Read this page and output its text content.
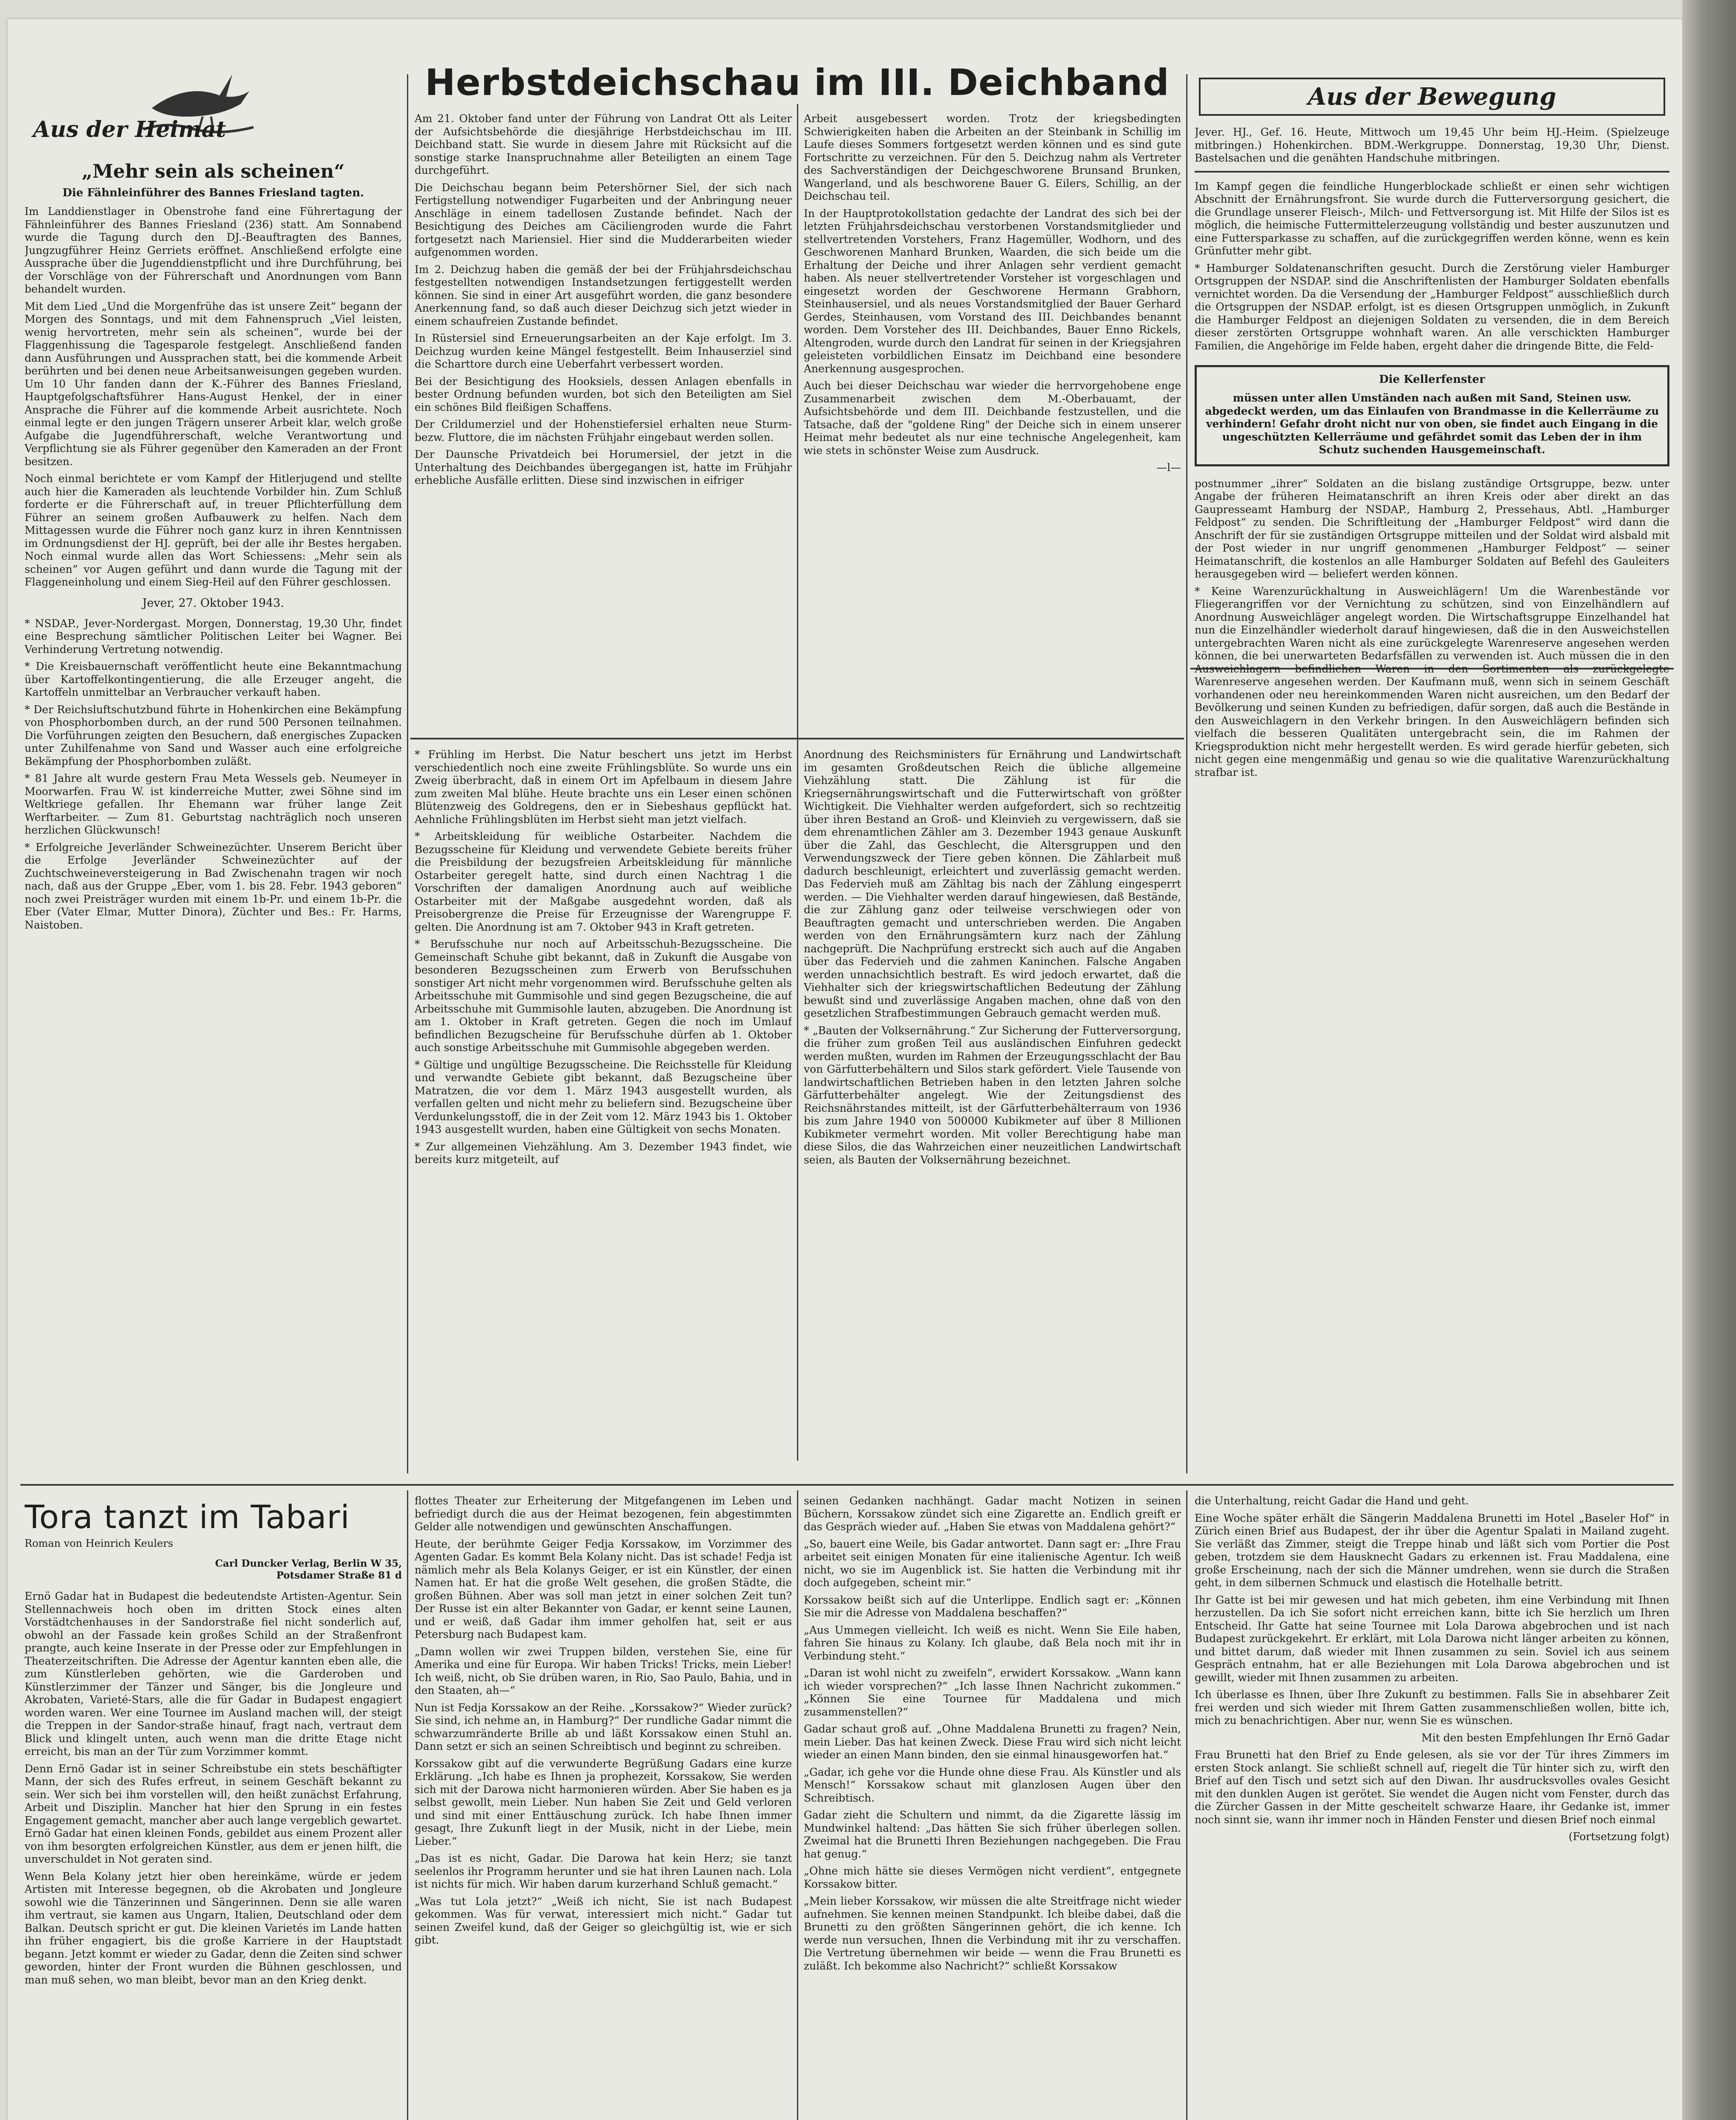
Aus der Heimat
„Mehr sein als scheinen“
Die Fähnleinführer des Bannes Friesland tagten.

Im Landdienstlager in Obenstrohe fand eine Führertagung der Fähnleinführer des Bannes Friesland (236) statt. Am Sonnabend wurde die Tagung durch den DJ.-Beauftragten des Bannes, Jungzugführer Heinz Gerriets eröffnet. Anschließend erfolgte eine Aussprache über die Jugenddienstpflicht und ihre Durchführung, bei der Vorschläge von der Führerschaft und Anordnungen vom Bann behandelt wurden.

Mit dem Lied „Und die Morgenfrühe das ist unsere Zeit“ begann der Morgen des Sonntags, und mit dem Fahnenspruch „Viel leisten, wenig hervortreten, mehr sein als scheinen“, wurde bei der Flaggenhissung die Tagesparole festgelegt. Anschließend fanden dann Ausführungen und Aussprachen statt, bei die kommende Arbeit berührten und bei denen neue Arbeitsanweisungen gegeben wurden. Um 10 Uhr fanden dann der K.-Führer des Bannes Friesland, Hauptgefolgschaftsführer Hans-August Henkel, der in einer Ansprache die Führer auf die kommende Arbeit ausrichtete. Noch einmal legte er den jungen Trägern unserer Arbeit klar, welch große Aufgabe die Jugendführerschaft, welche Verantwortung und Verpflichtung sie als Führer gegenüber den Kameraden an der Front besitzen.

Noch einmal berichtete er vom Kampf der Hitlerjugend und stellte auch hier die Kameraden als leuchtende Vorbilder hin. Zum Schluß forderte er die Führerschaft auf, in treuer Pflichterfüllung dem Führer an seinem großen Aufbauwerk zu helfen. Nach dem Mittagessen wurde die Führer noch ganz kurz in ihren Kenntnissen im Ordnungsdienst der HJ. geprüft, bei der alle ihr Bestes hergaben. Noch einmal wurde allen das Wort Schiessens: „Mehr sein als scheinen“ vor Augen geführt und dann wurde die Tagung mit der Flaggeneinholung und einem Sieg-Heil auf den Führer geschlossen.

Jever, 27. Oktober 1943.

* NSDAP., Jever-Nordergast. Morgen, Donnerstag, 19,30 Uhr, findet eine Besprechung sämtlicher Politischen Leiter bei Wagner. Bei Verhinderung Vertretung notwendig.

* Die Kreisbauernschaft veröffentlicht heute eine Bekanntmachung über Kartoffelkontingentierung, die alle Erzeuger angeht, die Kartoffeln unmittelbar an Verbraucher verkauft haben.

* Der Reichsluftschutzbund führte in Hohenkirchen eine Bekämpfung von Phosphorbomben durch, an der rund 500 Personen teilnahmen. Die Vorführungen zeigten den Besuchern, daß energisches Zupacken unter Zuhilfenahme von Sand und Wasser auch eine erfolgreiche Bekämpfung der Phosphorbomben zuläßt.

* 81 Jahre alt wurde gestern Frau Meta Wessels geb. Neumeyer in Moorwarfen. Frau W. ist kinderreiche Mutter, zwei Söhne sind im Weltkriege gefallen. Ihr Ehemann war früher lange Zeit Werftarbeiter. — Zum 81. Geburtstag nachträglich noch unseren herzlichen Glückwunsch!

* Erfolgreiche Jeverländer Schweinezüchter. Unserem Bericht über die Erfolge Jeverländer Schweinezüchter auf der Zuchtschweineversteigerung in Bad Zwischenahn tragen wir noch nach, daß aus der Gruppe „Eber, vom 1. bis 28. Febr. 1943 geboren“ noch zwei Preisträger wurden mit einem 1b-Pr. und einem 1b-Pr. die Eber (Vater Elmar, Mutter Dinora), Züchter und Bes.: Fr. Harms, Naistoben.

Herbstdeichschau im III. Deichband

Am 21. Oktober fand unter der Führung von Landrat Ott als Leiter der Aufsichtsbehörde die diesjährige Herbstdeichschau im III. Deichband statt. Sie wurde in diesem Jahre mit Rücksicht auf die sonstige starke Inanspruchnahme aller Beteiligten an einem Tage durchgeführt.

Die Deichschau begann beim Petershörner Siel, der sich nach Fertigstellung notwendiger Fugarbeiten und der Anbringung neuer Anschläge in einem tadellosen Zustande befindet. Nach der Besichtigung des Deiches am Cäciliengroden wurde die Fahrt fortgesetzt nach Mariensiel. Hier sind die Mudderarbeiten wieder aufgenommen worden.

Im 2. Deichzug haben die gemäß der bei der Frühjahrsdeichschau festgestellten notwendigen Instandsetzungen fertiggestellt werden können. Sie sind in einer Art ausgeführt worden, die ganz besondere Anerkennung fand, so daß auch dieser Deichzug sich jetzt wieder in einem schaufreien Zustande befindet.

In Rüstersiel sind Erneuerungsarbeiten an der Kaje erfolgt. Im 3. Deichzug wurden keine Mängel festgestellt. Beim Inhauserziel sind die Scharttore durch eine Ueberfahrt verbessert worden.

Bei der Besichtigung des Hooksiels, dessen Anlagen ebenfalls in bester Ordnung befunden wurden, bot sich den Beteiligten am Siel ein schönes Bild fleißigen Schaffens.

Der Crildumerziel und der Hohenstiefersiel erhalten neue Sturm- bezw. Fluttore, die im nächsten Frühjahr eingebaut werden sollen.

Der Daunsche Privatdeich bei Horumersiel, der jetzt in die Unterhaltung des Deichbandes übergegangen ist, hatte im Frühjahr erhebliche Ausfälle erlitten. Diese sind inzwischen in eifriger

Arbeit ausgebessert worden. Trotz der kriegsbedingten Schwierigkeiten haben die Arbeiten an der Steinbank in Schillig im Laufe dieses Sommers fortgesetzt werden können und es sind gute Fortschritte zu verzeichnen. Für den 5. Deichzug nahm als Vertreter des Sachverständigen der Deichgeschworene Brunsand Brunken, Wangerland, und als beschworene Bauer G. Eilers, Schillig, an der Deichschau teil.

In der Hauptprotokollstation gedachte der Landrat des sich bei der letzten Frühjahrsdeichschau verstorbenen Vorstandsmitglieder und stellvertretenden Vorstehers, Franz Hagemüller, Wodhorn, und des Geschworenen Manhard Brunken, Waarden, die sich beide um die Erhaltung der Deiche und ihrer Anlagen sehr verdient gemacht haben. Als neuer stellvertretender Vorsteher ist vorgeschlagen und eingesetzt worden der Geschworene Hermann Grabhorn, Steinhausersiel, und als neues Vorstandsmitglied der Bauer Gerhard Gerdes, Steinhausen, vom Vorstand des III. Deichbandes benannt worden. Dem Vorsteher des III. Deichbandes, Bauer Enno Rickels, Altengroden, wurde durch den Landrat für seinen in der Kriegsjahren geleisteten vorbildlichen Einsatz im Deichband eine besondere Anerkennung ausgesprochen.

Auch bei dieser Deichschau war wieder die herrvorgehobene enge Zusammenarbeit zwischen dem M.-Oberbauamt, der Aufsichtsbehörde und dem III. Deichbande festzustellen, und die Tatsache, daß der "goldene Ring" der Deiche sich in einem unserer Heimat mehr bedeutet als nur eine technische Angelegenheit, kam wie stets in schönster Weise zum Ausdruck.

—l—

* Frühling im Herbst. Die Natur beschert uns jetzt im Herbst verschiedentlich noch eine zweite Frühlingsblüte. So wurde uns ein Zweig überbracht, daß in einem Ort im Apfelbaum in diesem Jahre zum zweiten Mal blühe. Heute brachte uns ein Leser einen schönen Blütenzweig des Goldregens, den er in Siebeshaus gepflückt hat. Aehnliche Frühlingsblüten im Herbst sieht man jetzt vielfach.

* Arbeitskleidung für weibliche Ostarbeiter. Nachdem die Bezugsscheine für Kleidung und verwendete Gebiete bereits früher die Preisbildung der bezugsfreien Arbeitskleidung für männliche Ostarbeiter geregelt hatte, sind durch einen Nachtrag 1 die Vorschriften der damaligen Anordnung auch auf weibliche Ostarbeiter mit der Maßgabe ausgedehnt worden, daß als Preisobergrenze die Preise für Erzeugnisse der Warengruppe F. gelten. Die Anordnung ist am 7. Oktober 943 in Kraft getreten.

* Berufsschuhe nur noch auf Arbeitsschuh-Bezugsscheine. Die Gemeinschaft Schuhe gibt bekannt, daß in Zukunft die Ausgabe von besonderen Bezugsscheinen zum Erwerb von Berufsschuhen sonstiger Art nicht mehr vorgenommen wird. Berufsschuhe gelten als Arbeitsschuhe mit Gummisohle und sind gegen Bezugscheine, die auf Arbeitsschuhe mit Gummisohle lauten, abzugeben. Die Anordnung ist am 1. Oktober in Kraft getreten. Gegen die noch im Umlauf befindlichen Bezugscheine für Berufsschuhe dürfen ab 1. Oktober auch sonstige Arbeitsschuhe mit Gummisohle abgegeben werden.

* Gültige und ungültige Bezugsscheine. Die Reichsstelle für Kleidung und verwandte Gebiete gibt bekannt, daß Bezugscheine über Matratzen, die vor dem 1. März 1943 ausgestellt wurden, als verfallen gelten und nicht mehr zu beliefern sind. Bezugscheine über Verdunkelungsstoff, die in der Zeit vom 12. März 1943 bis 1. Oktober 1943 ausgestellt wurden, haben eine Gültigkeit von sechs Monaten.

* Zur allgemeinen Viehzählung. Am 3. Dezember 1943 findet, wie bereits kurz mitgeteilt, auf

Anordnung des Reichsministers für Ernährung und Landwirtschaft im gesamten Großdeutschen Reich die übliche allgemeine Viehzählung statt. Die Zählung ist für die Kriegsernährungswirtschaft und die Futterwirtschaft von größter Wichtigkeit. Die Viehhalter werden aufgefordert, sich so rechtzeitig über ihren Bestand an Groß- und Kleinvieh zu vergewissern, daß sie dem ehrenamtlichen Zähler am 3. Dezember 1943 genaue Auskunft über die Zahl, das Geschlecht, die Altersgruppen und den Verwendungszweck der Tiere geben können. Die Zählarbeit muß dadurch beschleunigt, erleichtert und zuverlässig gemacht werden. Das Federvieh muß am Zähltag bis nach der Zählung eingesperrt werden. — Die Viehhalter werden darauf hingewiesen, daß Bestände, die zur Zählung ganz oder teilweise verschwiegen oder von Beauftragten gemacht und unterschrieben werden. Die Angaben werden von den Ernährungsämtern kurz nach der Zählung nachgeprüft. Die Nachprüfung erstreckt sich auch auf die Angaben über das Federvieh und die zahmen Kaninchen. Falsche Angaben werden unnachsichtlich bestraft. Es wird jedoch erwartet, daß die Viehhalter sich der kriegswirtschaftlichen Bedeutung der Zählung bewußt sind und zuverlässige Angaben machen, ohne daß von den gesetzlichen Strafbestimmungen Gebrauch gemacht werden muß.

* „Bauten der Volksernährung.“ Zur Sicherung der Futterversorgung, die früher zum großen Teil aus ausländischen Einfuhren gedeckt werden mußten, wurden im Rahmen der Erzeugungsschlacht der Bau von Gärfutterbehältern und Silos stark gefördert. Viele Tausende von landwirtschaftlichen Betrieben haben in den letzten Jahren solche Gärfutterbehälter angelegt. Wie der Zeitungsdienst des Reichsnährstandes mitteilt, ist der Gärfutterbehälterraum von 1936 bis zum Jahre 1940 von 500000 Kubikmeter auf über 8 Millionen Kubikmeter vermehrt worden. Mit voller Berechtigung habe man diese Silos, die das Wahrzeichen einer neuzeitlichen Landwirtschaft seien, als Bauten der Volksernährung bezeichnet.

Aus der Bewegung

Jever. HJ., Gef. 16. Heute, Mittwoch um 19,45 Uhr beim HJ.-Heim. (Spielzeuge mitbringen.) Hohenkirchen. BDM.-Werkgruppe. Donnerstag, 19,30 Uhr, Dienst. Bastelsachen und die genähten Handschuhe mitbringen.

Im Kampf gegen die feindliche Hungerblockade schließt er einen sehr wichtigen Abschnitt der Ernährungsfront. Sie wurde durch die Futterversorgung gesichert, die die Grundlage unserer Fleisch-, Milch- und Fettversorgung ist. Mit Hilfe der Silos ist es möglich, die heimische Futtermittelerzeugung vollständig und bester auszunutzen und eine Futtersparkasse zu schaffen, auf die zurückgegriffen werden könne, wenn es kein Grünfutter mehr gibt.

* Hamburger Soldatenanschriften gesucht. Durch die Zerstörung vieler Hamburger Ortsgruppen der NSDAP. sind die Anschriftenlisten der Hamburger Soldaten ebenfalls vernichtet worden. Da die Versendung der „Hamburger Feldpost“ ausschließlich durch die Ortsgruppen der NSDAP. erfolgt, ist es diesen Ortsgruppen unmöglich, in Zukunft die Hamburger Feldpost an diejenigen Soldaten zu versenden, die in dem Bereich dieser zerstörten Ortsgruppe wohnhaft waren. An alle verschickten Hamburger Familien, die Angehörige im Felde haben, ergeht daher die dringende Bitte, die Feld-

Die Kellerfenster

müssen unter allen Umständen nach außen mit Sand, Steinen usw. abgedeckt werden, um das Einlaufen von Brandmasse in die Kellerräume zu verhindern! Gefahr droht nicht nur von oben, sie findet auch Eingang in die ungeschützten Kellerräume und gefährdet somit das Leben der in ihm Schutz suchenden Hausgemeinschaft.

postnummer „ihrer“ Soldaten an die bislang zuständige Ortsgruppe, bezw. unter Angabe der früheren Heimatanschrift an ihren Kreis oder aber direkt an das Gaupresseamt Hamburg der NSDAP., Hamburg 2, Pressehaus, Abtl. „Hamburger Feldpost“ zu senden. Die Schriftleitung der „Hamburger Feldpost“ wird dann die Anschrift der für sie zuständigen Ortsgruppe mitteilen und der Soldat wird alsbald mit der Post wieder in nur ungriff genommenen „Hamburger Feldpost“ — seiner Heimatanschrift, die kostenlos an alle Hamburger Soldaten auf Befehl des Gauleiters herausgegeben wird — beliefert werden können.

* Keine Warenzurückhaltung in Ausweichlägern! Um die Warenbestände vor Fliegerangriffen vor der Vernichtung zu schützen, sind von Einzelhändlern auf Anordnung Ausweichläger angelegt worden. Die Wirtschaftsgruppe Einzelhandel hat nun die Einzelhändler wiederholt darauf hingewiesen, daß die in den Ausweichstellen untergebrachten Waren nicht als eine zurückgelegte Warenreserve angesehen werden können, die bei unerwarteten Bedarfsfällen zu verwenden ist. Auch müssen die in den Ausweichlagern befindlichen Waren in den Sortimenten als zurückgelegte Warenreserve angesehen werden. Der Kaufmann muß, wenn sich in seinem Geschäft vorhandenen oder neu hereinkommenden Waren nicht ausreichen, um den Bedarf der Bevölkerung und seinen Kunden zu befriedigen, dafür sorgen, daß auch die Bestände in den Ausweichlagern in den Verkehr bringen. In den Ausweichlägern befinden sich vielfach die besseren Qualitäten untergebracht sein, die im Rahmen der Kriegsproduktion nicht mehr hergestellt werden. Es wird gerade hierfür gebeten, sich nicht gegen eine mengenmäßig und genau so wie die qualitative Warenzurückhaltung strafbar ist.

Tora tanzt im Tabari
Roman von Heinrich Keulers
Carl Duncker Verlag, Berlin W 35,
Potsdamer Straße 81 d

Ernö Gadar hat in Budapest die bedeutendste Artisten-Agentur. Sein Stellennachweis hoch oben im dritten Stock eines alten Vorstädtchenhauses in der Sandorstraße fiel nicht sonderlich auf, obwohl an der Fassade kein großes Schild an der Straßenfront prangte, auch keine Inserate in der Presse oder zur Empfehlungen in Theaterzeitschriften. Die Adresse der Agentur kannten eben alle, die zum Künstlerleben gehörten, wie die Garderoben und Künstlerzimmer der Tänzer und Sänger, bis die Jongleure und Akrobaten, Varieté-Stars, alle die für Gadar in Budapest engagiert worden waren. Wer eine Tournee im Ausland machen will, der steigt die Treppen in der Sandor-straße hinauf, fragt nach, vertraut dem Blick und klingelt unten, auch wenn man die dritte Etage nicht erreicht, bis man an der Tür zum Vorzimmer kommt.

Denn Ernö Gadar ist in seiner Schreibstube ein stets beschäftigter Mann, der sich des Rufes erfreut, in seinem Geschäft bekannt zu sein. Wer sich bei ihm vorstellen will, den heißt zunächst Erfahrung, Arbeit und Disziplin. Mancher hat hier den Sprung in ein festes Engagement gemacht, mancher aber auch lange vergeblich gewartet. Ernö Gadar hat einen kleinen Fonds, gebildet aus einem Prozent aller von ihm besorgten erfolgreichen Künstler, aus dem er jenen hilft, die unverschuldet in Not geraten sind.

Wenn Bela Kolany jetzt hier oben hereinkäme, würde er jedem Artisten mit Interesse begegnen, ob die Akrobaten und Jongleure sowohl wie die Tänzerinnen und Sängerinnen. Denn sie alle waren ihm vertraut, sie kamen aus Ungarn, Italien, Deutschland oder dem Balkan. Deutsch spricht er gut. Die kleinen Varietés im Lande hatten ihn früher engagiert, bis die große Karriere in der Hauptstadt begann. Jetzt kommt er wieder zu Gadar, denn die Zeiten sind schwer geworden, hinter der Front wurden die Bühnen geschlossen, und man muß sehen, wo man bleibt, bevor man an den Krieg denkt.

flottes Theater zur Erheiterung der Mitgefangenen im Leben und befriedigt durch die aus der Heimat bezogenen, fein abgestimmten Gelder alle notwendigen und gewünschten Anschaffungen.

Heute, der berühmte Geiger Fedja Korssakow, im Vorzimmer des Agenten Gadar. Es kommt Bela Kolany nicht. Das ist schade! Fedja ist nämlich mehr als Bela Kolanys Geiger, er ist ein Künstler, der einen Namen hat. Er hat die große Welt gesehen, die großen Städte, die großen Bühnen. Aber was soll man jetzt in einer solchen Zeit tun? Der Russe ist ein alter Bekannter von Gadar, er kennt seine Launen, und er weiß, daß Gadar ihm immer geholfen hat, seit er aus Petersburg nach Budapest kam.

„Damn wollen wir zwei Truppen bilden, verstehen Sie, eine für Amerika und eine für Europa. Wir haben Tricks! Tricks, mein Lieber! Ich weiß, nicht, ob Sie drüben waren, in Rio, Sao Paulo, Bahia, und in den Staaten, ah—“

Nun ist Fedja Korssakow an der Reihe. „Korssakow?“ Wieder zurück? Sie sind, ich nehme an, in Hamburg?“ Der rundliche Gadar nimmt die schwarzumränderte Brille ab und läßt Korssakow einen Stuhl an. Dann setzt er sich an seinen Schreibtisch und beginnt zu schreiben.

Korssakow gibt auf die verwunderte Begrüßung Gadars eine kurze Erklärung. „Ich habe es Ihnen ja prophezeit, Korssakow, Sie werden sich mit der Darowa nicht harmonieren würden. Aber Sie haben es ja selbst gewollt, mein Lieber. Nun haben Sie Zeit und Geld verloren und sind mit einer Enttäuschung zurück. Ich habe Ihnen immer gesagt, Ihre Zukunft liegt in der Musik, nicht in der Liebe, mein Lieber.“

„Das ist es nicht, Gadar. Die Darowa hat kein Herz; sie tanzt seelenlos ihr Programm herunter und sie hat ihren Launen nach. Lola ist nichts für mich. Wir haben darum kurzerhand Schluß gemacht.“

„Was tut Lola jetzt?“ „Weiß ich nicht, Sie ist nach Budapest gekommen. Was für verwat, interessiert mich nicht.“ Gadar tut seinen Zweifel kund, daß der Geiger so gleichgültig ist, wie er sich gibt.

seinen Gedanken nachhängt. Gadar macht Notizen in seinen Büchern, Korssakow zündet sich eine Zigarette an. Endlich greift er das Gespräch wieder auf. „Haben Sie etwas von Maddalena gehört?“

„So, bauert eine Weile, bis Gadar antwortet. Dann sagt er: „Ihre Frau arbeitet seit einigen Monaten für eine italienische Agentur. Ich weiß nicht, wo sie im Augenblick ist. Sie hatten die Verbindung mit ihr doch aufgegeben, scheint mir.“

Korssakow beißt sich auf die Unterlippe. Endlich sagt er: „Können Sie mir die Adresse von Maddalena beschaffen?“

„Aus Ummegen vielleicht. Ich weiß es nicht. Wenn Sie Eile haben, fahren Sie hinaus zu Kolany. Ich glaube, daß Bela noch mit ihr in Verbindung steht.“

„Daran ist wohl nicht zu zweifeln“, erwidert Korssakow. „Wann kann ich wieder vorsprechen?“ „Ich lasse Ihnen Nachricht zukommen.“ „Können Sie eine Tournee für Maddalena und mich zusammenstellen?“

Gadar schaut groß auf. „Ohne Maddalena Brunetti zu fragen? Nein, mein Lieber. Das hat keinen Zweck. Diese Frau wird sich nicht leicht wieder an einen Mann binden, den sie einmal hinausgeworfen hat.“

„Gadar, ich gehe vor die Hunde ohne diese Frau. Als Künstler und als Mensch!“ Korssakow schaut mit glanzlosen Augen über den Schreibtisch.

Gadar zieht die Schultern und nimmt, da die Zigarette lässig im Mundwinkel haltend: „Das hätten Sie sich früher überlegen sollen. Zweimal hat die Brunetti Ihren Beziehungen nachgegeben. Die Frau hat genug.“

„Ohne mich hätte sie dieses Vermögen nicht verdient“, entgegnete Korssakow bitter.

„Mein lieber Korssakow, wir müssen die alte Streitfrage nicht wieder aufnehmen. Sie kennen meinen Standpunkt. Ich bleibe dabei, daß die Brunetti zu den größten Sängerinnen gehört, die ich kenne. Ich werde nun versuchen, Ihnen die Verbindung mit ihr zu verschaffen. Die Vertretung übernehmen wir beide — wenn die Frau Brunetti es zuläßt. Ich bekomme also Nachricht?“ schließt Korssakow

die Unterhaltung, reicht Gadar die Hand und geht.

Eine Woche später erhält die Sängerin Maddalena Brunetti im Hotel „Baseler Hof“ in Zürich einen Brief aus Budapest, der ihr über die Agentur Spalati in Mailand zugeht. Sie verläßt das Zimmer, steigt die Treppe hinab und läßt sich vom Portier die Post geben, trotzdem sie dem Hausknecht Gadars zu erkennen ist. Frau Maddalena, eine große Erscheinung, nach der sich die Männer umdrehen, wenn sie durch die Straßen geht, in dem silbernen Schmuck und elastisch die Hotelhalle betritt.

Ihr Gatte ist bei mir gewesen und hat mich gebeten, ihm eine Verbindung mit Ihnen herzustellen. Da ich Sie sofort nicht erreichen kann, bitte ich Sie herzlich um Ihren Entscheid. Ihr Gatte hat seine Tournee mit Lola Darowa abgebrochen und ist nach Budapest zurückgekehrt. Er erklärt, mit Lola Darowa nicht länger arbeiten zu können, und bittet darum, daß wieder mit Ihnen zusammen zu sein. Soviel ich aus seinem Gespräch entnahm, hat er alle Beziehungen mit Lola Darowa abgebrochen und ist gewillt, wieder mit Ihnen zusammen zu arbeiten.

Ich überlasse es Ihnen, über Ihre Zukunft zu bestimmen. Falls Sie in absehbarer Zeit frei werden und sich wieder mit Ihrem Gatten zusammenschließen wollen, bitte ich, mich zu benachrichtigen. Aber nur, wenn Sie es wünschen.

Mit den besten Empfehlungen Ihr Ernö Gadar

Frau Brunetti hat den Brief zu Ende gelesen, als sie vor der Tür ihres Zimmers im ersten Stock anlangt. Sie schließt schnell auf, riegelt die Tür hinter sich zu, wirft den Brief auf den Tisch und setzt sich auf den Diwan. Ihr ausdrucksvolles ovales Gesicht mit den dunklen Augen ist gerötet. Sie wendet die Augen nicht vom Fenster, durch das die Zürcher Gassen in der Mitte gescheitelt schwarze Haare, ihr Gedanke ist, immer noch sinnt sie, wann ihr immer noch in Händen Fenster und diesen Brief noch einmal

(Fortsetzung folgt)
